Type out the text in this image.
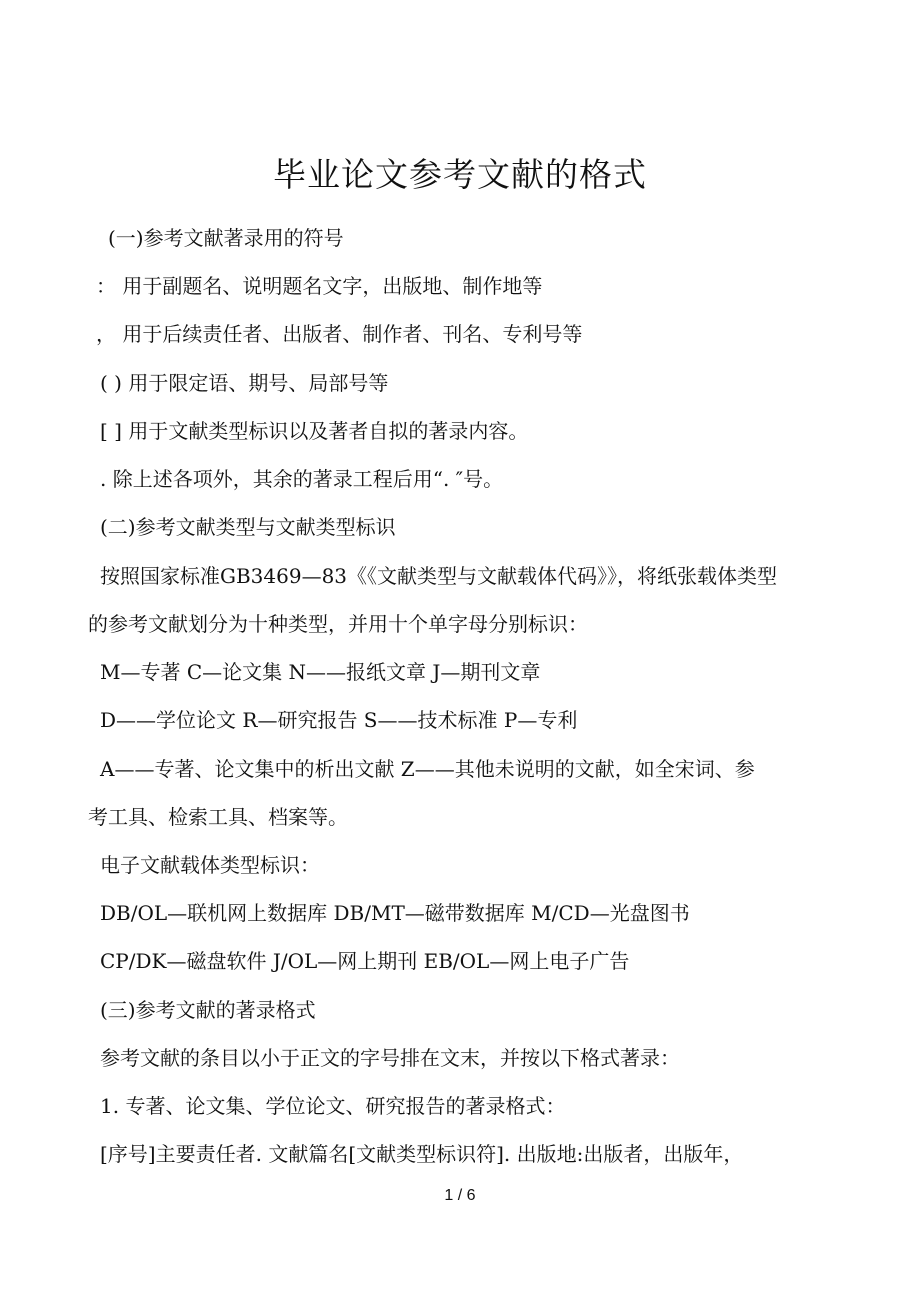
毕业论文参考文献的格式
(一)参考文献著录用的符号
： 用于副题名、说明题名文字，出版地、制作地等
， 用于后续责任者、出版者、制作者、刊名、专利号等
( ) 用于限定语、期号、局部号等
[ ] 用于文献类型标识以及著者自拟的著录内容。
. 除上述各项外，其余的著录工程后用“. ″号。
(二)参考文献类型与文献类型标识
按照国家标准GB3469—83《《文献类型与文献载体代码》》，将纸张载体类型
的参考文献划分为十种类型，并用十个单字母分别标识：
M—专著 C—论文集 N——报纸文章 J—期刊文章
D——学位论文 R—研究报告 S——技术标准 P—专利
A——专著、论文集中的析出文献 Z——其他未说明的文献，如全宋词、参
考工具、检索工具、档案等。
电子文献载体类型标识：
DB/OL—联机网上数据库 DB/MT—磁带数据库 M/CD—光盘图书
CP/DK—磁盘软件 J/OL—网上期刊 EB/OL—网上电子广告
(三)参考文献的著录格式
参考文献的条目以小于正文的字号排在文末，并按以下格式著录：
1. 专著、论文集、学位论文、研究报告的著录格式：
[序号]主要责任者. 文献篇名[文献类型标识符]. 出版地:出版者，出版年，
1 / 6
